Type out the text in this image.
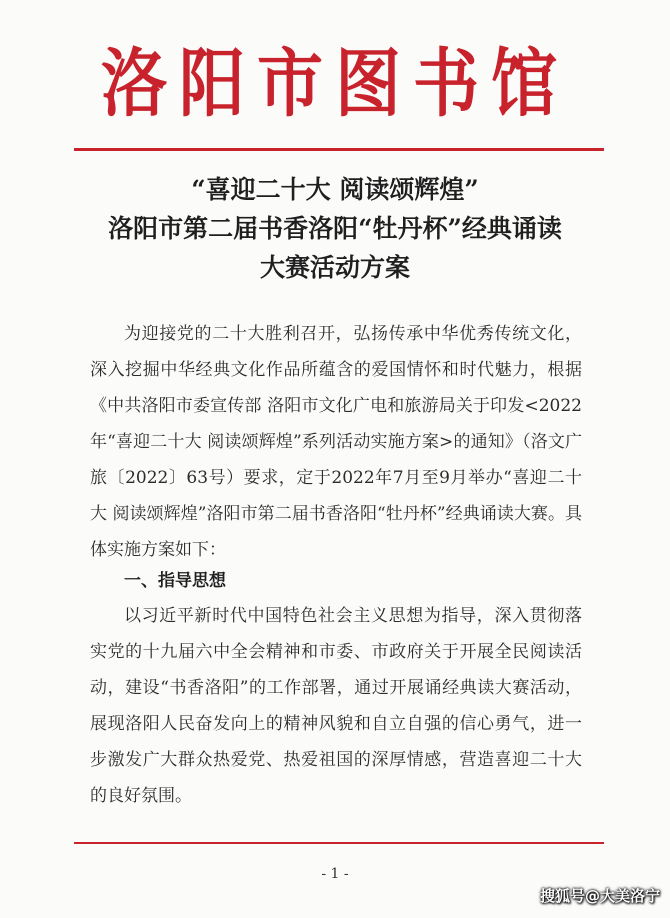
洛阳市图书馆
“喜迎二十大 阅读颂辉煌”
洛阳市第二届书香洛阳“牡丹杯”经典诵读
大赛活动方案

为迎接党的二十大胜利召开，弘扬传承中华优秀传统文化，深入挖掘中华经典文化作品所蕴含的爱国情怀和时代魅力，根据《中共洛阳市委宣传部 洛阳市文化广电和旅游局关于印发<2022年“喜迎二十大 阅读颂辉煌”系列活动实施方案>的通知》（洛文广旅〔2022〕63号）要求，定于2022年7月至9月举办“喜迎二十大 阅读颂辉煌”洛阳市第二届书香洛阳“牡丹杯”经典诵读大赛。具体实施方案如下：

一、指导思想

以习近平新时代中国特色社会主义思想为指导，深入贯彻落实党的十九届六中全会精神和市委、市政府关于开展全民阅读活动，建设“书香洛阳”的工作部署，通过开展诵经典读大赛活动，展现洛阳人民奋发向上的精神风貌和自立自强的信心勇气，进一步激发广大群众热爱党、热爱祖国的深厚情感，营造喜迎二十大的良好氛围。

- 1 -
搜狐号@大美洛宁
